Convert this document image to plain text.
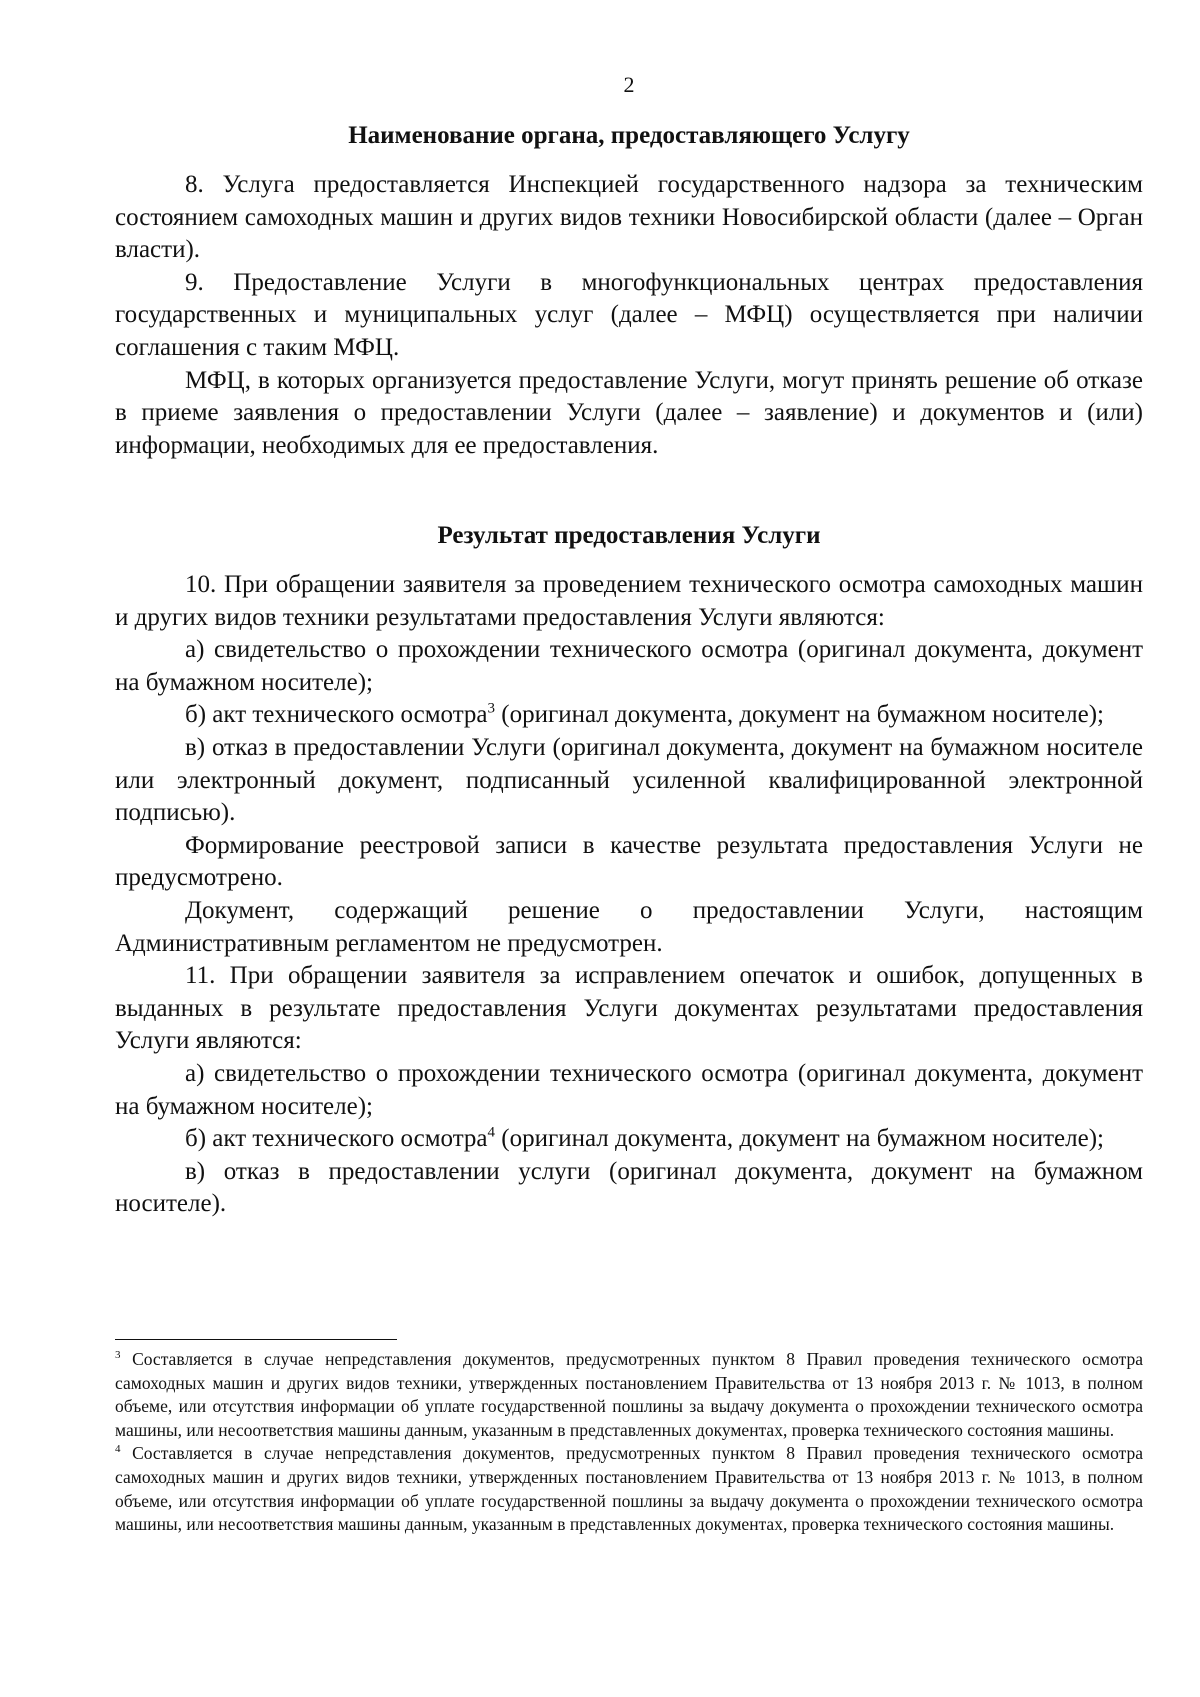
2

Наименование органа, предоставляющего Услугу

8. Услуга предоставляется Инспекцией государственного надзора за техническим состоянием самоходных машин и других видов техники Новосибирской области (далее – Орган власти).

9. Предоставление Услуги в многофункциональных центрах предоставления государственных и муниципальных услуг (далее – МФЦ) осуществляется при наличии соглашения с таким МФЦ.

МФЦ, в которых организуется предоставление Услуги, могут принять решение об отказе в приеме заявления о предоставлении Услуги (далее – заявление) и документов и (или) информации, необходимых для ее предоставления.

Результат предоставления Услуги

10. При обращении заявителя за проведением технического осмотра самоходных машин и других видов техники результатами предоставления Услуги являются:

а) свидетельство о прохождении технического осмотра (оригинал документа, документ на бумажном носителе);

б) акт технического осмотра$^3$ (оригинал документа, документ на бумажном носителе);

в) отказ в предоставлении Услуги (оригинал документа, документ на бумажном носителе или электронный документ, подписанный усиленной квалифицированной электронной подписью).

Формирование реестровой записи в качестве результата предоставления Услуги не предусмотрено.

Документ, содержащий решение о предоставлении Услуги, настоящим Административным регламентом не предусмотрен.

11. При обращении заявителя за исправлением опечаток и ошибок, допущенных в выданных в результате предоставления Услуги документах результатами предоставления Услуги являются:

а) свидетельство о прохождении технического осмотра (оригинал документа, документ на бумажном носителе);

б) акт технического осмотра$^4$ (оригинал документа, документ на бумажном носителе);

в) отказ в предоставлении услуги (оригинал документа, документ на бумажном носителе).

$^3$ Составляется в случае непредставления документов, предусмотренных пунктом 8 Правил проведения технического осмотра самоходных машин и других видов техники, утвержденных постановлением Правительства от 13 ноября 2013 г. № 1013, в полном объеме, или отсутствия информации об уплате государственной пошлины за выдачу документа о прохождении технического осмотра машины, или несоответствия машины данным, указанным в представленных документах, проверка технического состояния машины.

$^4$ Составляется в случае непредставления документов, предусмотренных пунктом 8 Правил проведения технического осмотра самоходных машин и других видов техники, утвержденных постановлением Правительства от 13 ноября 2013 г. № 1013, в полном объеме, или отсутствия информации об уплате государственной пошлины за выдачу документа о прохождении технического осмотра машины, или несоответствия машины данным, указанным в представленных документах, проверка технического состояния машины.
